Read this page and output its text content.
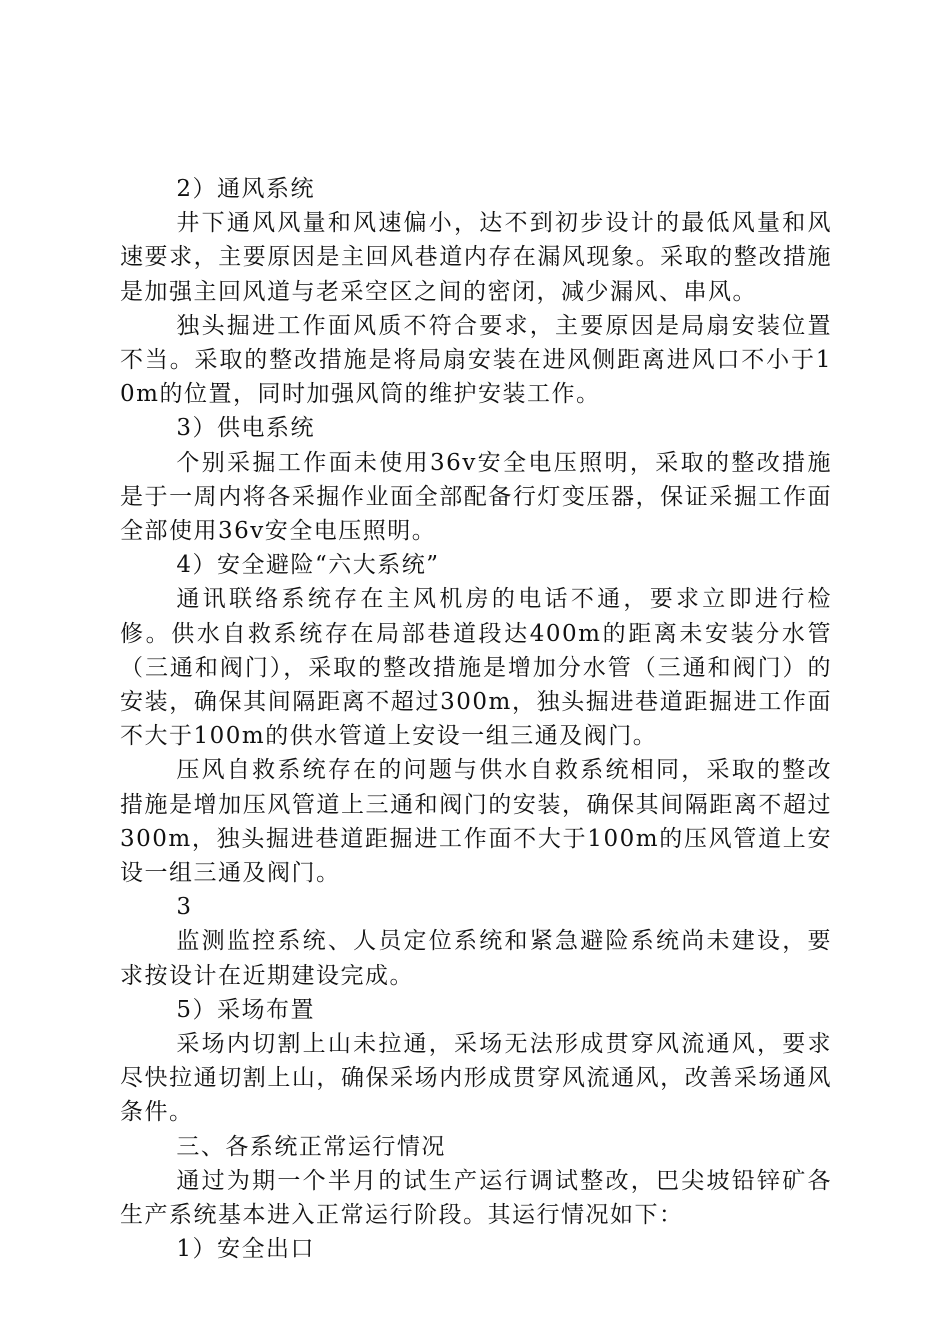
2）通风系统

井下通风风量和风速偏小，达不到初步设计的最低风量和风速要求，主要原因是主回风巷道内存在漏风现象。采取的整改措施是加强主回风道与老采空区之间的密闭，减少漏风、串风。

独头掘进工作面风质不符合要求，主要原因是局扇安装位置不当。采取的整改措施是将局扇安装在进风侧距离进风口不小于10m的位置，同时加强风筒的维护安装工作。

3）供电系统

个别采掘工作面未使用36v安全电压照明，采取的整改措施是于一周内将各采掘作业面全部配备行灯变压器，保证采掘工作面全部使用36v安全电压照明。

4）安全避险“六大系统”

通讯联络系统存在主风机房的电话不通，要求立即进行检修。供水自救系统存在局部巷道段达400m的距离未安装分水管（三通和阀门），采取的整改措施是增加分水管（三通和阀门）的安装，确保其间隔距离不超过300m，独头掘进巷道距掘进工作面不大于100m的供水管道上安设一组三通及阀门。

压风自救系统存在的问题与供水自救系统相同，采取的整改措施是增加压风管道上三通和阀门的安装，确保其间隔距离不超过300m，独头掘进巷道距掘进工作面不大于100m的压风管道上安设一组三通及阀门。

3

监测监控系统、人员定位系统和紧急避险系统尚未建设，要求按设计在近期建设完成。

5）采场布置

采场内切割上山未拉通，采场无法形成贯穿风流通风，要求尽快拉通切割上山，确保采场内形成贯穿风流通风，改善采场通风条件。

三、各系统正常运行情况

通过为期一个半月的试生产运行调试整改，巴尖坡铅锌矿各生产系统基本进入正常运行阶段。其运行情况如下：

1）安全出口
